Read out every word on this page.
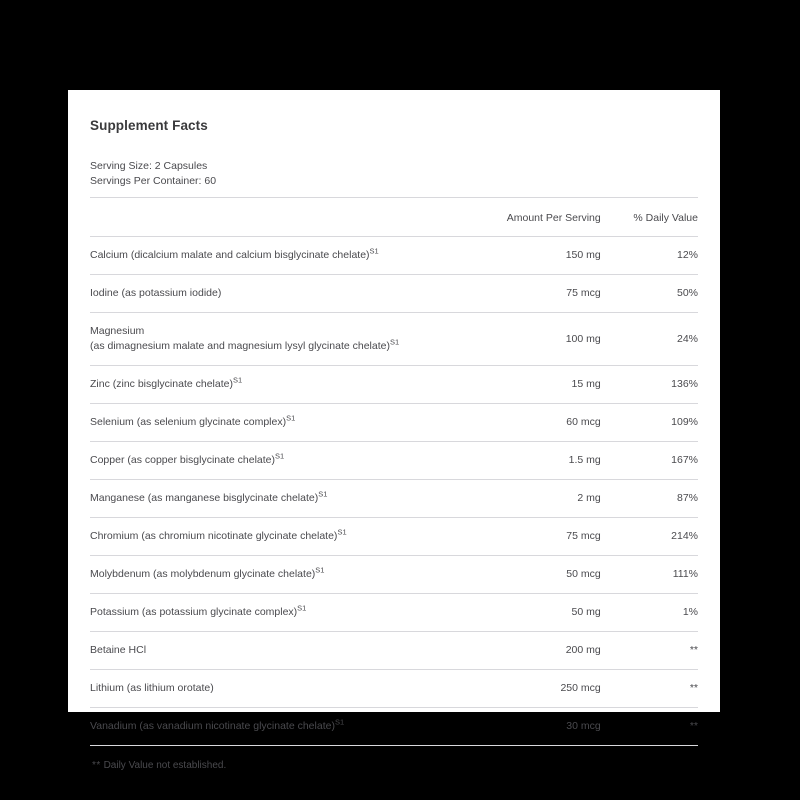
Supplement Facts
Serving Size: 2 Capsules
Servings Per Container: 60
	Amount Per Serving	% Daily Value
Calcium (dicalcium malate and calcium bisglycinate chelate)$^{S1}$	150 mg	12%
Iodine (as potassium iodide)	75 mcg	50%

Magnesium
(as dimagnesium malate and magnesium lysyl glycinate chelate)$^{S1}$	100 mg	24%
Zinc (zinc bisglycinate chelate)$^{S1}$	15 mg	136%
Selenium (as selenium glycinate complex)$^{S1}$	60 mcg	109%
Copper (as copper bisglycinate chelate)$^{S1}$	1.5 mg	167%
Manganese (as manganese bisglycinate chelate)$^{S1}$	2 mg	87%
Chromium (as chromium nicotinate glycinate chelate)$^{S1}$	75 mcg	214%
Molybdenum (as molybdenum glycinate chelate)$^{S1}$	50 mcg	111%
Potassium (as potassium glycinate complex)$^{S1}$	50 mg	1%
Betaine HCl	200 mg	**
Lithium (as lithium orotate)	250 mcg	**
Vanadium (as vanadium nicotinate glycinate chelate)$^{S1}$	30 mcg	**
** Daily Value not established.
